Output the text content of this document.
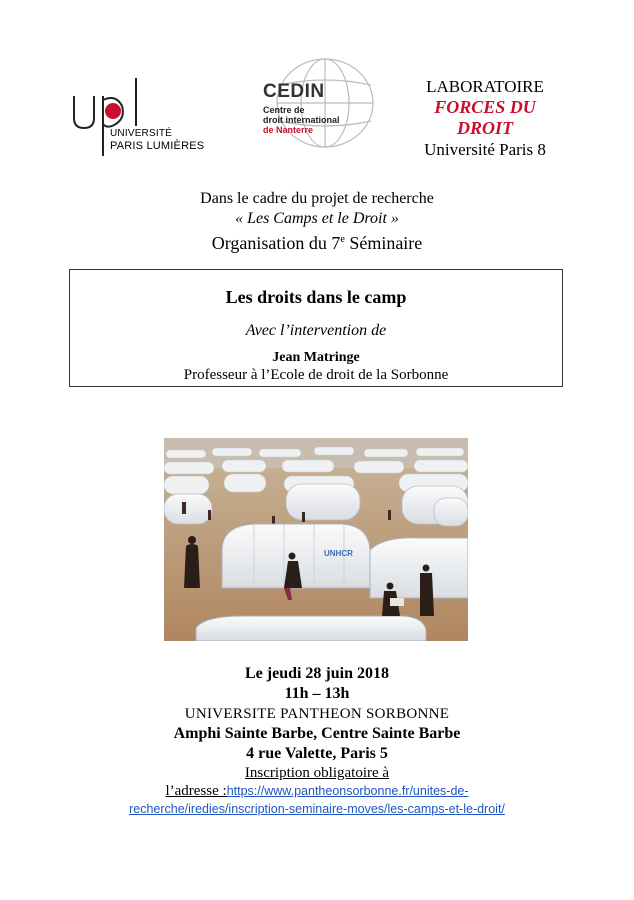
UNIVERSITÉ
PARIS LUMIÈRES
CEDIN
Centre de
droit international
de Nanterre
LABORATOIRE
FORCES DU
DROIT
Université Paris 8
Dans le cadre du projet de recherche
« Les Camps et le Droit »
Organisation du 7e Séminaire
Les droits dans le camp
Avec l’intervention de
Jean Matringe
Professeur à l’Ecole de droit de la Sorbonne
UNHCR
Le jeudi 28 juin 2018
11h – 13h
UNIVERSITE PANTHEON SORBONNE
Amphi Sainte Barbe, Centre Sainte Barbe
4 rue Valette, Paris 5
Inscription obligatoire à
l’adresse :https://www.pantheonsorbonne.fr/unites-de-
recherche/iredies/inscription-seminaire-moves/les-camps-et-le-droit/
